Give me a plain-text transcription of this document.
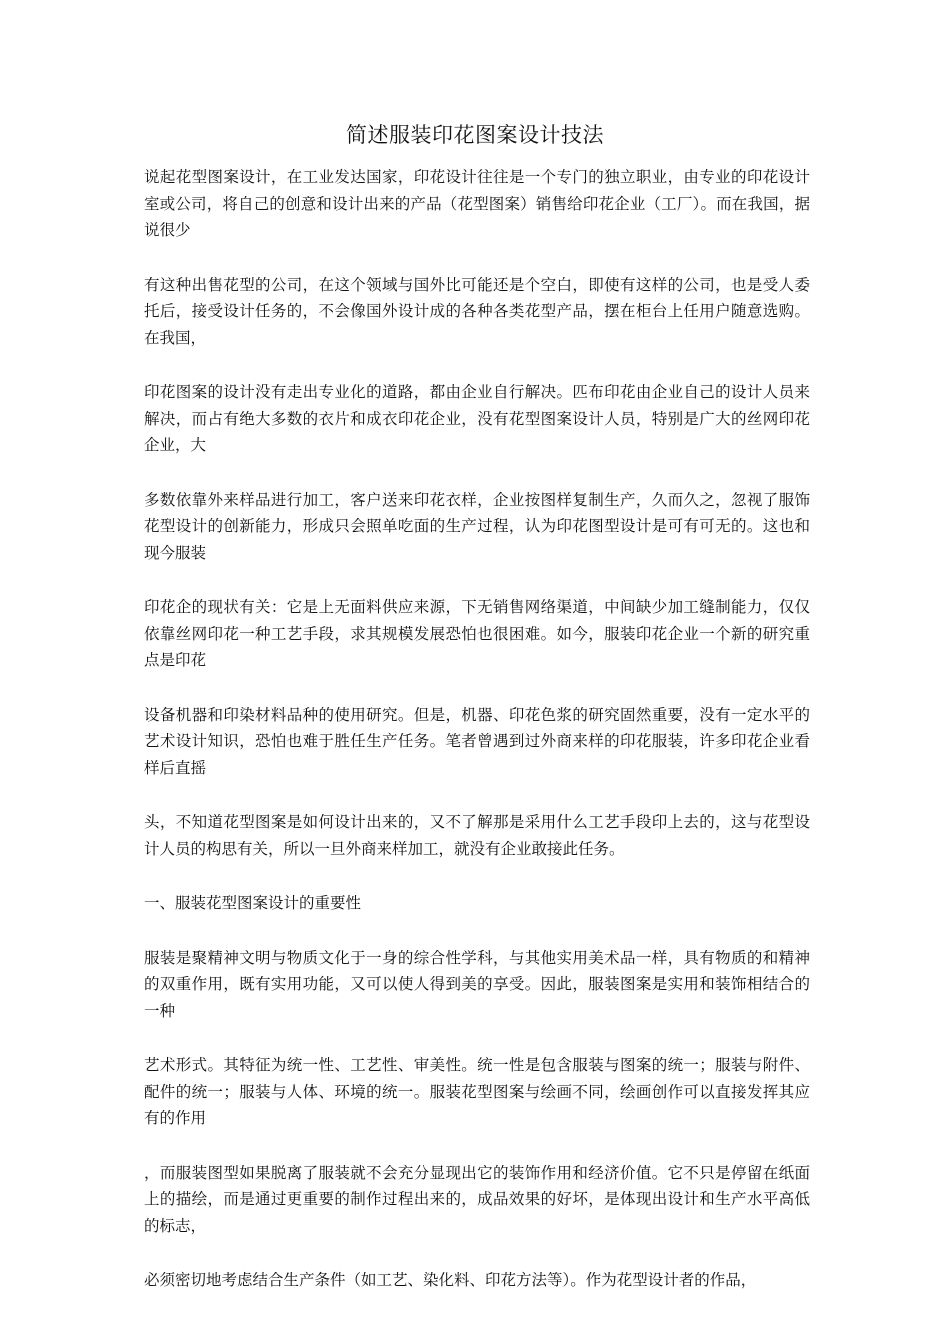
简述服装印花图案设计技法

说起花型图案设计，在工业发达国家，印花设计往往是一个专门的独立职业，由专业的印花设计室或公司，将自己的创意和设计出来的产品（花型图案）销售给印花企业（工厂）。而在我国，据说很少

有这种出售花型的公司，在这个领域与国外比可能还是个空白，即使有这样的公司，也是受人委托后，接受设计任务的，不会像国外设计成的各种各类花型产品，摆在柜台上任用户随意选购。在我国，

印花图案的设计没有走出专业化的道路，都由企业自行解决。匹布印花由企业自己的设计人员来解决，而占有绝大多数的衣片和成衣印花企业，没有花型图案设计人员，特别是广大的丝网印花企业，大

多数依靠外来样品进行加工，客户送来印花衣样，企业按图样复制生产，久而久之，忽视了服饰花型设计的创新能力，形成只会照单吃面的生产过程，认为印花图型设计是可有可无的。这也和现今服装

印花企的现状有关：它是上无面料供应来源，下无销售网络渠道，中间缺少加工缝制能力，仅仅依靠丝网印花一种工艺手段，求其规模发展恐怕也很困难。如今，服装印花企业一个新的研究重点是印花

设备机器和印染材料品种的使用研究。但是，机器、印花色浆的研究固然重要，没有一定水平的艺术设计知识，恐怕也难于胜任生产任务。笔者曾遇到过外商来样的印花服装，许多印花企业看样后直摇

头，不知道花型图案是如何设计出来的，又不了解那是采用什么工艺手段印上去的，这与花型设计人员的构思有关，所以一旦外商来样加工，就没有企业敢接此任务。

一、服装花型图案设计的重要性

服装是聚精神文明与物质文化于一身的综合性学科，与其他实用美术品一样，具有物质的和精神的双重作用，既有实用功能，又可以使人得到美的享受。因此，服装图案是实用和装饰相结合的一种

艺术形式。其特征为统一性、工艺性、审美性。统一性是包含服装与图案的统一；服装与附件、配件的统一；服装与人体、环境的统一。服装花型图案与绘画不同，绘画创作可以直接发挥其应有的作用

，而服装图型如果脱离了服装就不会充分显现出它的装饰作用和经济价值。它不只是停留在纸面上的描绘，而是通过更重要的制作过程出来的，成品效果的好坏，是体现出设计和生产水平高低的标志，

必须密切地考虑结合生产条件（如工艺、染化料、印花方法等）。作为花型设计者的作品，
